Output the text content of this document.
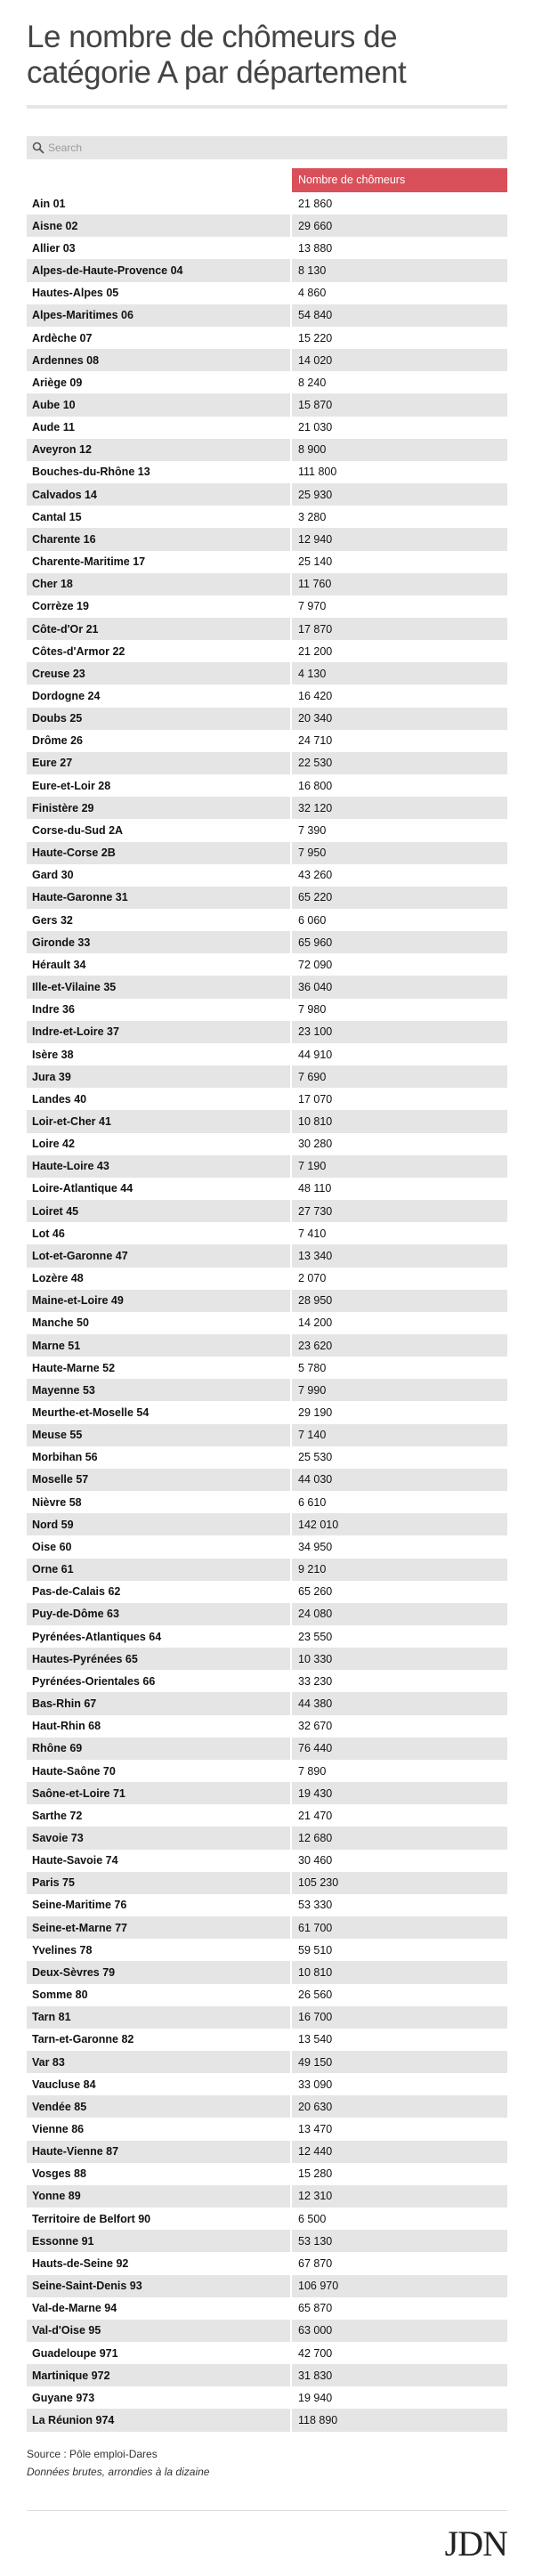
Le nombre de chômeurs de catégorie A par département
Search
Nombre de chômeurs
Ain 01	21 860
Aisne 02	29 660
Allier 03	13 880
Alpes-de-Haute-Provence 04	8 130
Hautes-Alpes 05	4 860
Alpes-Maritimes 06	54 840
Ardèche 07	15 220
Ardennes 08	14 020
Ariège 09	8 240
Aube 10	15 870
Aude 11	21 030
Aveyron 12	8 900
Bouches-du-Rhône 13	111 800
Calvados 14	25 930
Cantal 15	3 280
Charente 16	12 940
Charente-Maritime 17	25 140
Cher 18	11 760
Corrèze 19	7 970
Côte-d'Or 21	17 870
Côtes-d'Armor 22	21 200
Creuse 23	4 130
Dordogne 24	16 420
Doubs 25	20 340
Drôme 26	24 710
Eure 27	22 530
Eure-et-Loir 28	16 800
Finistère 29	32 120
Corse-du-Sud 2A	7 390
Haute-Corse 2B	7 950
Gard 30	43 260
Haute-Garonne 31	65 220
Gers 32	6 060
Gironde 33	65 960
Hérault 34	72 090
Ille-et-Vilaine 35	36 040
Indre 36	7 980
Indre-et-Loire 37	23 100
Isère 38	44 910
Jura 39	7 690
Landes 40	17 070
Loir-et-Cher 41	10 810
Loire 42	30 280
Haute-Loire 43	7 190
Loire-Atlantique 44	48 110
Loiret 45	27 730
Lot 46	7 410
Lot-et-Garonne 47	13 340
Lozère 48	2 070
Maine-et-Loire 49	28 950
Manche 50	14 200
Marne 51	23 620
Haute-Marne 52	5 780
Mayenne 53	7 990
Meurthe-et-Moselle 54	29 190
Meuse 55	7 140
Morbihan 56	25 530
Moselle 57	44 030
Nièvre 58	6 610
Nord 59	142 010
Oise 60	34 950
Orne 61	9 210
Pas-de-Calais 62	65 260
Puy-de-Dôme 63	24 080
Pyrénées-Atlantiques 64	23 550
Hautes-Pyrénées 65	10 330
Pyrénées-Orientales 66	33 230
Bas-Rhin 67	44 380
Haut-Rhin 68	32 670
Rhône 69	76 440
Haute-Saône 70	7 890
Saône-et-Loire 71	19 430
Sarthe 72	21 470
Savoie 73	12 680
Haute-Savoie 74	30 460
Paris 75	105 230
Seine-Maritime 76	53 330
Seine-et-Marne 77	61 700
Yvelines 78	59 510
Deux-Sèvres 79	10 810
Somme 80	26 560
Tarn 81	16 700
Tarn-et-Garonne 82	13 540
Var 83	49 150
Vaucluse 84	33 090
Vendée 85	20 630
Vienne 86	13 470
Haute-Vienne 87	12 440
Vosges 88	15 280
Yonne 89	12 310
Territoire de Belfort 90	6 500
Essonne 91	53 130
Hauts-de-Seine 92	67 870
Seine-Saint-Denis 93	106 970
Val-de-Marne 94	65 870
Val-d'Oise 95	63 000
Guadeloupe 971	42 700
Martinique 972	31 830
Guyane 973	19 940
La Réunion 974	118 890
Source : Pôle emploi-Dares
Données brutes, arrondies à la dizaine
JDN
